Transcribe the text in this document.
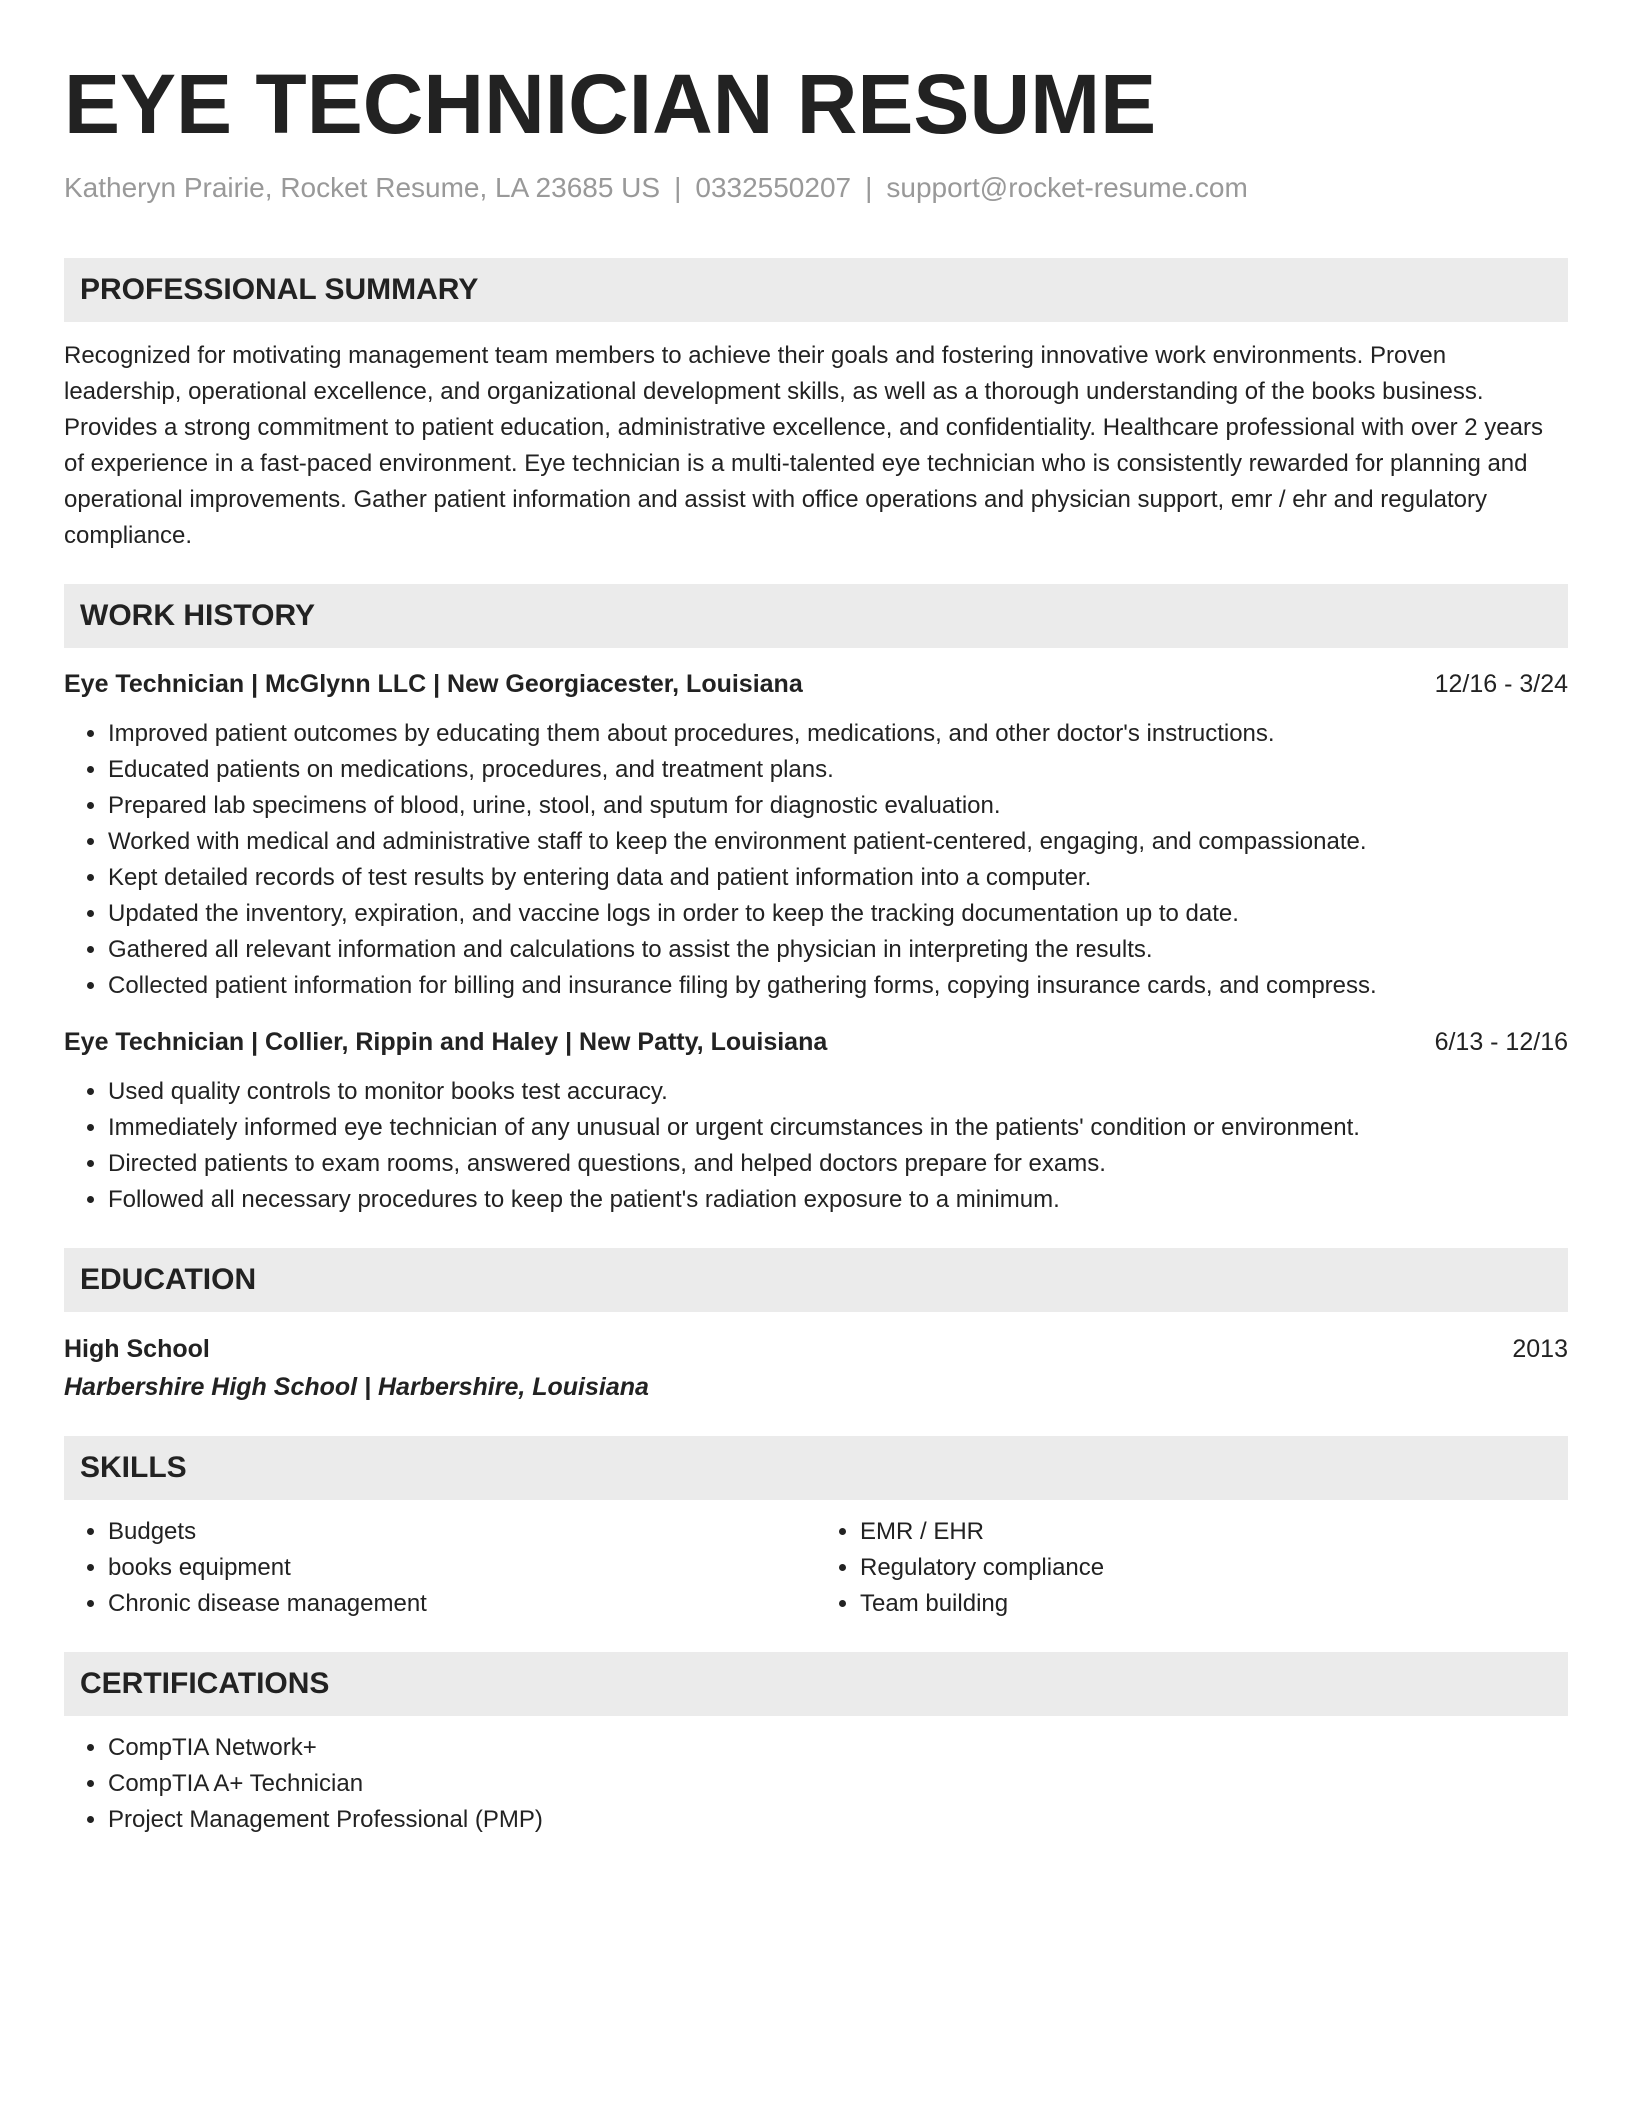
EYE TECHNICIAN RESUME
Katheryn Prairie, Rocket Resume, LA 23685 US | 0332550207 | support@rocket-resume.com
PROFESSIONAL SUMMARY

Recognized for motivating management team members to achieve their goals and fostering innovative work environments. Proven leadership, operational excellence, and organizational development skills, as well as a thorough understanding of the books business. Provides a strong commitment to patient education, administrative excellence, and confidentiality. Healthcare professional with over 2 years of experience in a fast-paced environment. Eye technician is a multi-talented eye technician who is consistently rewarded for planning and operational improvements. Gather patient information and assist with office operations and physician support, emr / ehr and regulatory compliance.

WORK HISTORY
Eye Technician | McGlynn LLC | New Georgiacester, Louisiana	12/16 - 3/24
• Improved patient outcomes by educating them about procedures, medications, and other doctor's instructions.
• Educated patients on medications, procedures, and treatment plans.
• Prepared lab specimens of blood, urine, stool, and sputum for diagnostic evaluation.
• Worked with medical and administrative staff to keep the environment patient-centered, engaging, and compassionate.
• Kept detailed records of test results by entering data and patient information into a computer.
• Updated the inventory, expiration, and vaccine logs in order to keep the tracking documentation up to date.
• Gathered all relevant information and calculations to assist the physician in interpreting the results.
• Collected patient information for billing and insurance filing by gathering forms, copying insurance cards, and compress.
Eye Technician | Collier, Rippin and Haley | New Patty, Louisiana	6/13 - 12/16
• Used quality controls to monitor books test accuracy.
• Immediately informed eye technician of any unusual or urgent circumstances in the patients' condition or environment.
• Directed patients to exam rooms, answered questions, and helped doctors prepare for exams.
• Followed all necessary procedures to keep the patient's radiation exposure to a minimum.
EDUCATION
High School	2013
Harbershire High School | Harbershire, Louisiana
SKILLS
• Budgets
• books equipment
• Chronic disease management
• EMR / EHR
• Regulatory compliance
• Team building
CERTIFICATIONS
• CompTIA Network+
• CompTIA A+ Technician
• Project Management Professional (PMP)
